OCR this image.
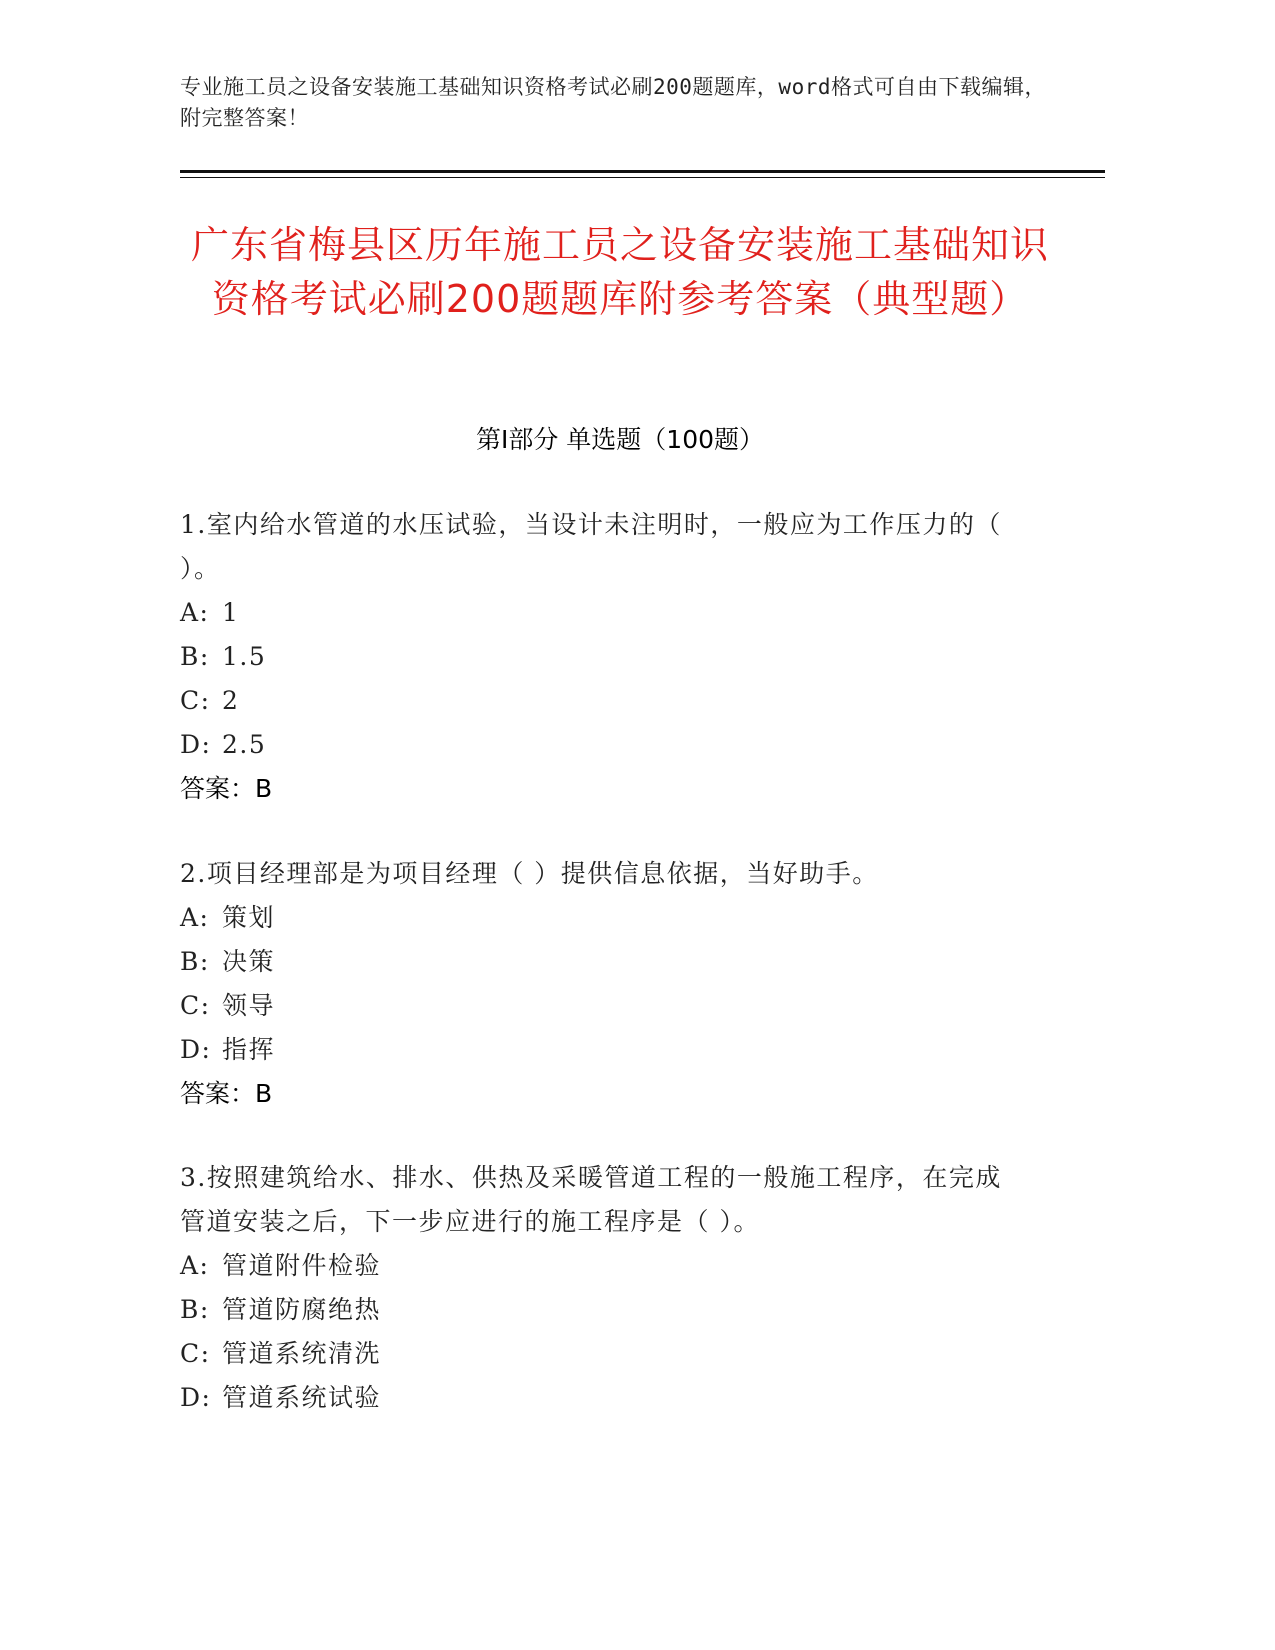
专业施工员之设备安装施工基础知识资格考试必刷200题题库，word格式可自由下载编辑，附完整答案！
广东省梅县区历年施工员之设备安装施工基础知识资格考试必刷200题题库附参考答案（典型题）
第Ⅰ部分 单选题（100题）
1.室内给水管道的水压试验，当设计未注明时，一般应为工作压力的（ ）。
A: 1
B: 1.5
C: 2
D: 2.5
答案：B
2.项目经理部是为项目经理（ ）提供信息依据，当好助手。
A: 策划
B: 决策
C: 领导
D: 指挥
答案：B
3.按照建筑给水、排水、供热及采暖管道工程的一般施工程序，在完成管道安装之后，下一步应进行的施工程序是（ ）。
A: 管道附件检验
B: 管道防腐绝热
C: 管道系统清洗
D: 管道系统试验
